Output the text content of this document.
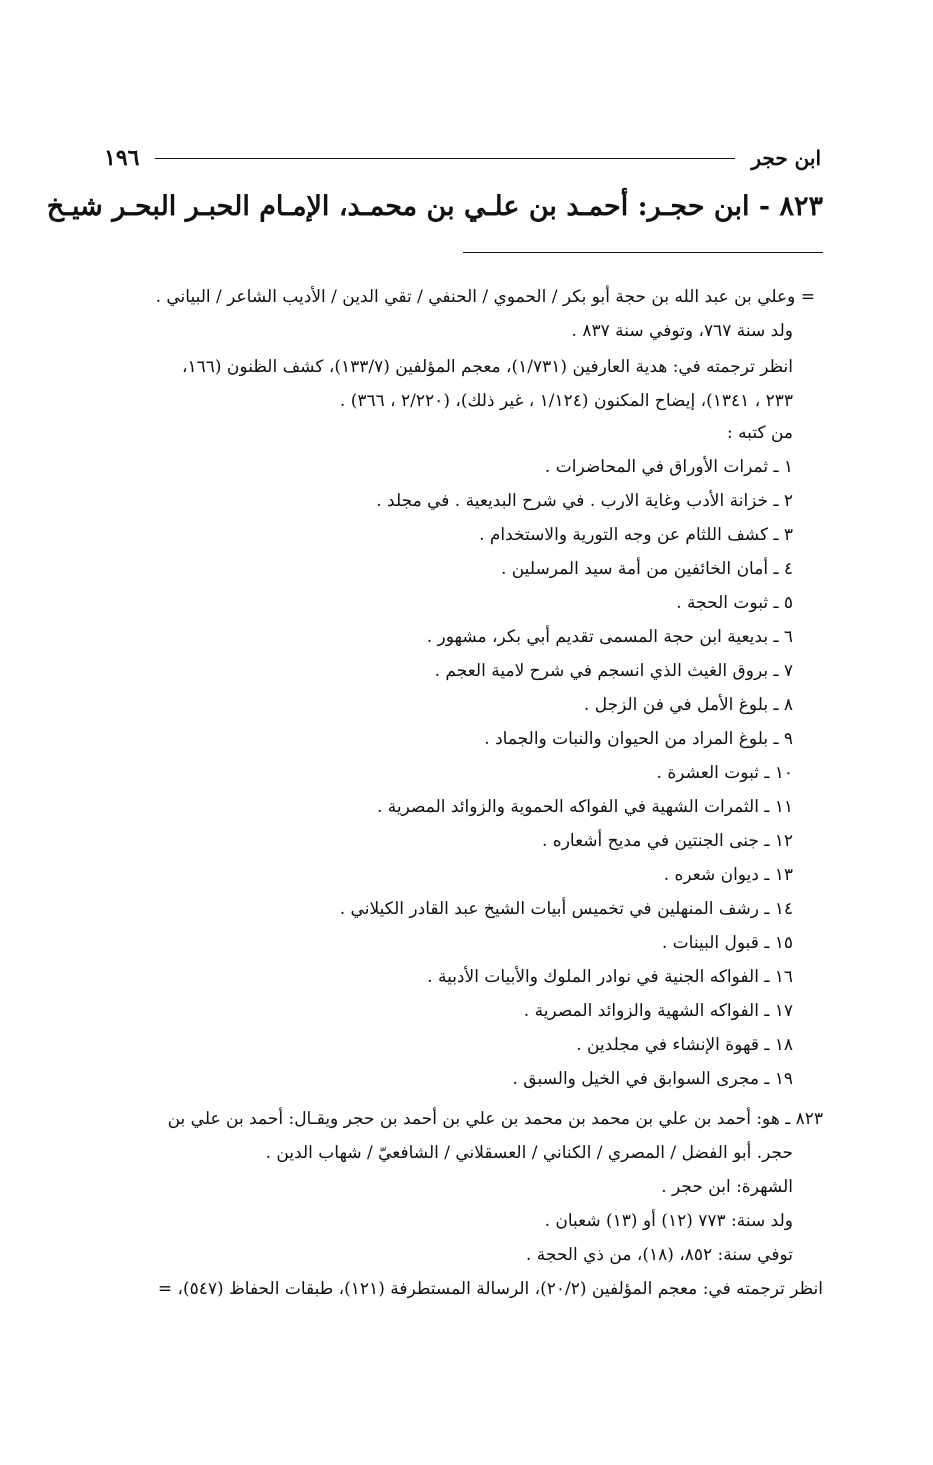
ابن حجر
١٩٦
٨٢٣ - ابن حجـر: أحمـد بن علـي بن محمـد، الإمـام الحبـر البحـر شيـخ
= وعلي بن عبد الله بن حجة أبو بكر / الحموي / الحنفي / تقي الدين / الأديب الشاعر / البياني .
ولد سنة ٧٦٧، وتوفي سنة ٨٣٧ .
انظر ترجمته في: هدية العارفين (١/٧٣١)، معجم المؤلفين (١٣٣/٧)، كشف الظنون (١٦٦،
٢٣٣ ، ١٣٤١)، إيضاح المكنون (١/١٢٤ ، غير ذلك)، (٢/٢٢٠ ، ٣٦٦) .
من كتبه :
١ ـ ثمرات الأوراق في المحاضرات .
٢ ـ خزانة الأدب وغاية الارب . في شرح البديعية . في مجلد .
٣ ـ كشف اللثام عن وجه التورية والاستخدام .
٤ ـ أمان الخائفين من أمة سيد المرسلين .
٥ ـ ثبوت الحجة .
٦ ـ بديعية ابن حجة المسمى تقديم أبي بكر، مشهور .
٧ ـ بروق الغيث الذي انسجم في شرح لامية العجم .
٨ ـ بلوغ الأمل في فن الزجل .
٩ ـ بلوغ المراد من الحيوان والنبات والجماد .
١٠ ـ ثبوت العشرة .
١١ ـ الثمرات الشهية في الفواكه الحموية والزوائد المصرية .
١٢ ـ جنى الجنتين في مديح أشعاره .
١٣ ـ ديوان شعره .
١٤ ـ رشف المنهلين في تخميس أبيات الشيخ عبد القادر الكيلاني .
١٥ ـ قبول البينات .
١٦ ـ الفواكه الجنية في نوادر الملوك والأبيات الأدبية .
١٧ ـ الفواكه الشهية والزوائد المصرية .
١٨ ـ قهوة الإنشاء في مجلدين .
١٩ ـ مجرى السوابق في الخيل والسبق .
٨٢٣ ـ هو: أحمد بن علي بن محمد بن محمد بن علي بن أحمد بن حجر ويقـال: أحمد بن علي بن
حجر. أبو الفضل / المصري / الكناني / العسقلاني / الشافعيّ / شهاب الدين .
الشهرة: ابن حجر .
ولد سنة: ٧٧٣ (١٢) أو (١٣) شعبان .
توفي سنة: ٨٥٢، (١٨)، من ذي الحجة .
انظر ترجمته في: معجم المؤلفين (٢٠/٢)، الرسالة المستطرفة (١٢١)، طبقات الحفاظ (٥٤٧)، =
